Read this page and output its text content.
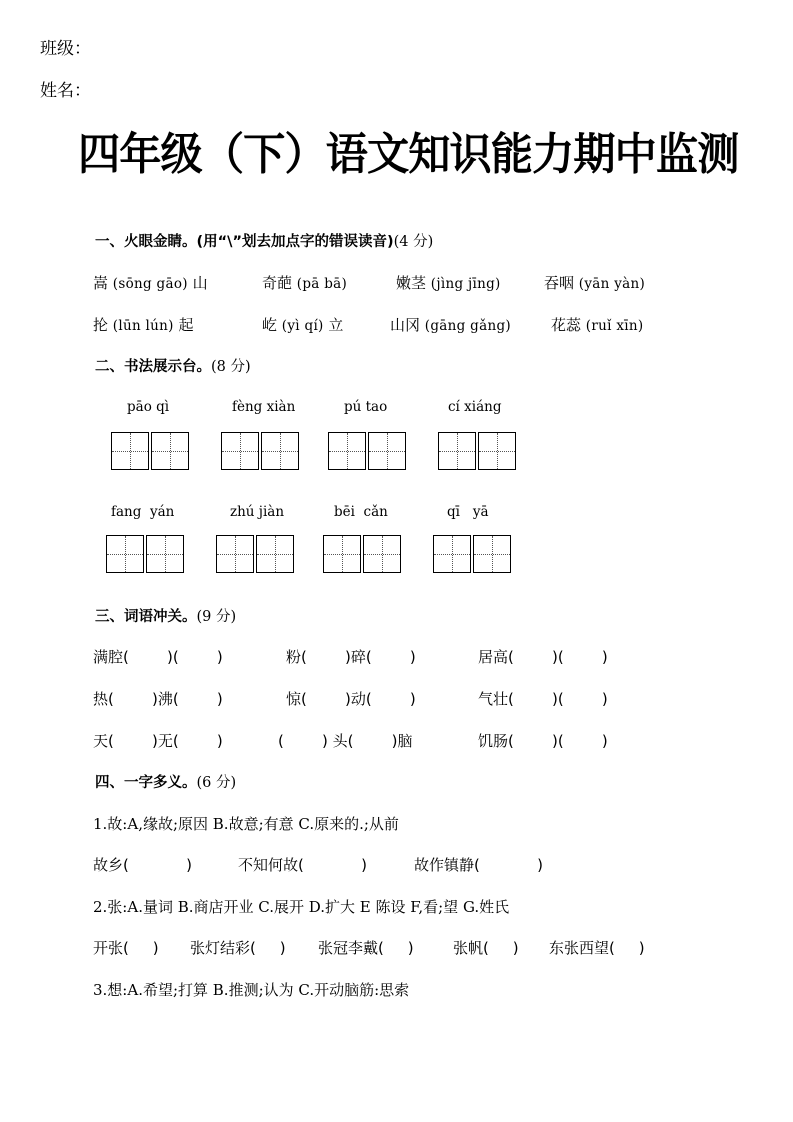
班级：
姓名：
四年级（下）语文知识能力期中监测
一、火眼金睛。(用“\”划去加点字的错误读音)(4 分)
嵩 (sōng gāo) 山	奇葩 (pā bā)	嫩茎 (jìng jīng)	吞咽 (yān yàn)
抡 (lūn lún) 起	屹 (yì qí) 立	山冈 (gāng gǎng)	花蕊 (ruǐ xīn)
二、书法展示台。(8 分)
pāo qì	fèng xiàn	pú tao	cí xiáng
fang  yán	zhú jiàn	bēi  cǎn	qī   yā
三、词语冲关。(9 分)
满腔(        )(        )	粉(        )碎(        )	居高(        )(        )
热(        )沸(        )	惊(        )动(        )	气壮(        )(        )
天(        )无(        )	(        ) 头(        )脑	饥肠(        )(        )
四、一字多义。(6 分)
1.故:A,缘故;原因 B.故意;有意 C.原来的.;从前
故乡(            )	不知何故(            )	故作镇静(            )
2.张:A.量词 B.商店开业 C.展开 D.扩大 E 陈设 F,看;望 G.姓氏
开张(     ) 张灯结彩(     ) 张冠李戴(     )	张帆(     ) 东张西望(     )
3.想:A.希望;打算 B.推测;认为 C.开动脑筋:思索
